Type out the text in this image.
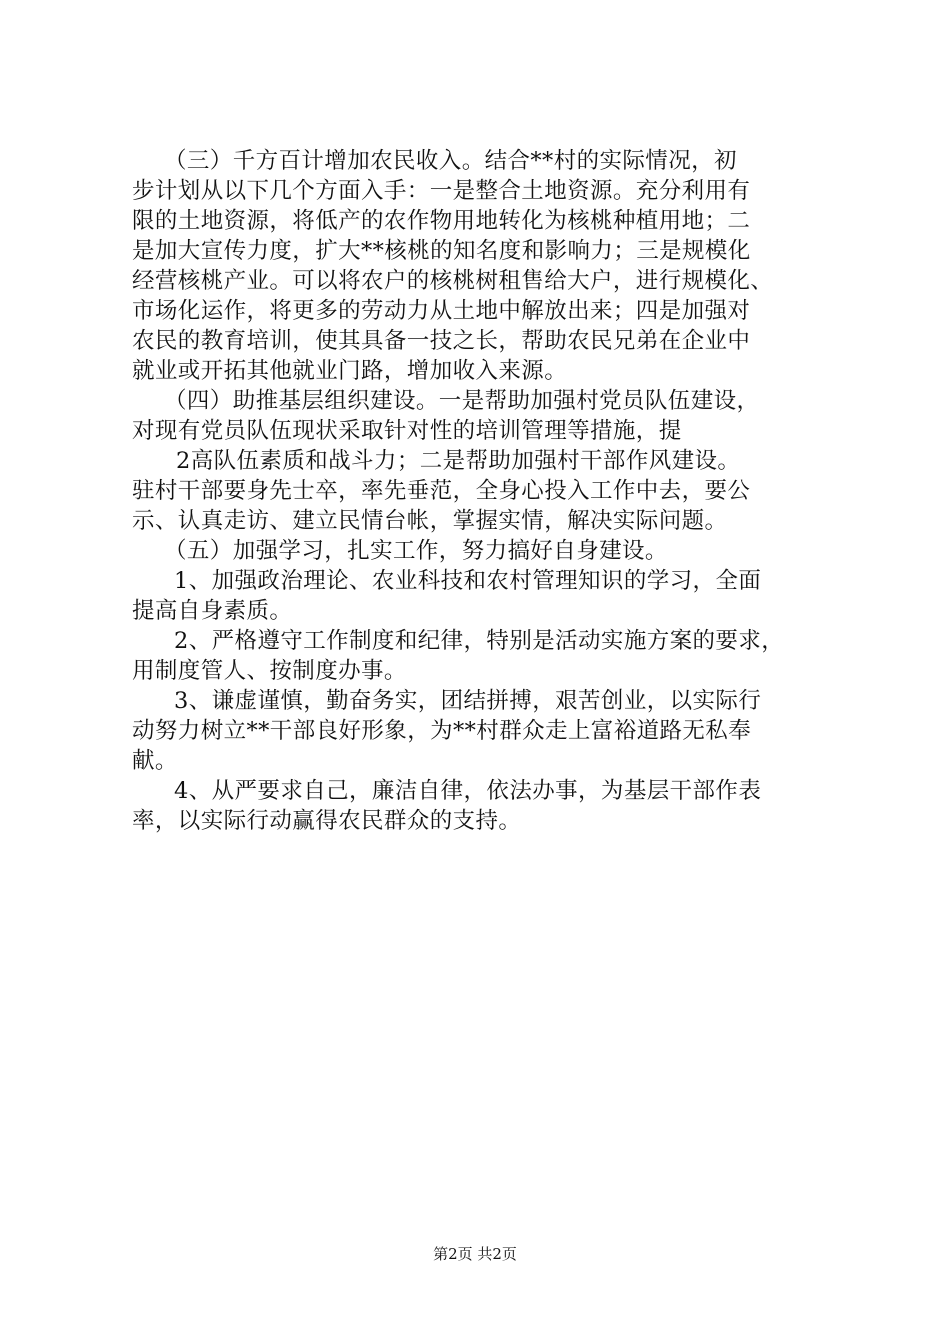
（三）千方百计增加农民收入。结合**村的实际情况，初
步计划从以下几个方面入手：一是整合土地资源。充分利用有
限的土地资源，将低产的农作物用地转化为核桃种植用地；二
是加大宣传力度，扩大**核桃的知名度和影响力；三是规模化
经营核桃产业。可以将农户的核桃树租售给大户，进行规模化、
市场化运作，将更多的劳动力从土地中解放出来；四是加强对
农民的教育培训，使其具备一技之长，帮助农民兄弟在企业中
就业或开拓其他就业门路，增加收入来源。
（四）助推基层组织建设。一是帮助加强村党员队伍建设，
对现有党员队伍现状采取针对性的培训管理等措施，提
2高队伍素质和战斗力；二是帮助加强村干部作风建设。
驻村干部要身先士卒，率先垂范，全身心投入工作中去，要公
示、认真走访、建立民情台帐，掌握实情，解决实际问题。
（五）加强学习，扎实工作，努力搞好自身建设。
1、加强政治理论、农业科技和农村管理知识的学习，全面
提高自身素质。
2、严格遵守工作制度和纪律，特别是活动实施方案的要求，
用制度管人、按制度办事。
3、谦虚谨慎，勤奋务实，团结拼搏，艰苦创业，以实际行
动努力树立**干部良好形象，为**村群众走上富裕道路无私奉
献。
4、从严要求自己，廉洁自律，依法办事，为基层干部作表
率，以实际行动赢得农民群众的支持。
第2页 共2页
